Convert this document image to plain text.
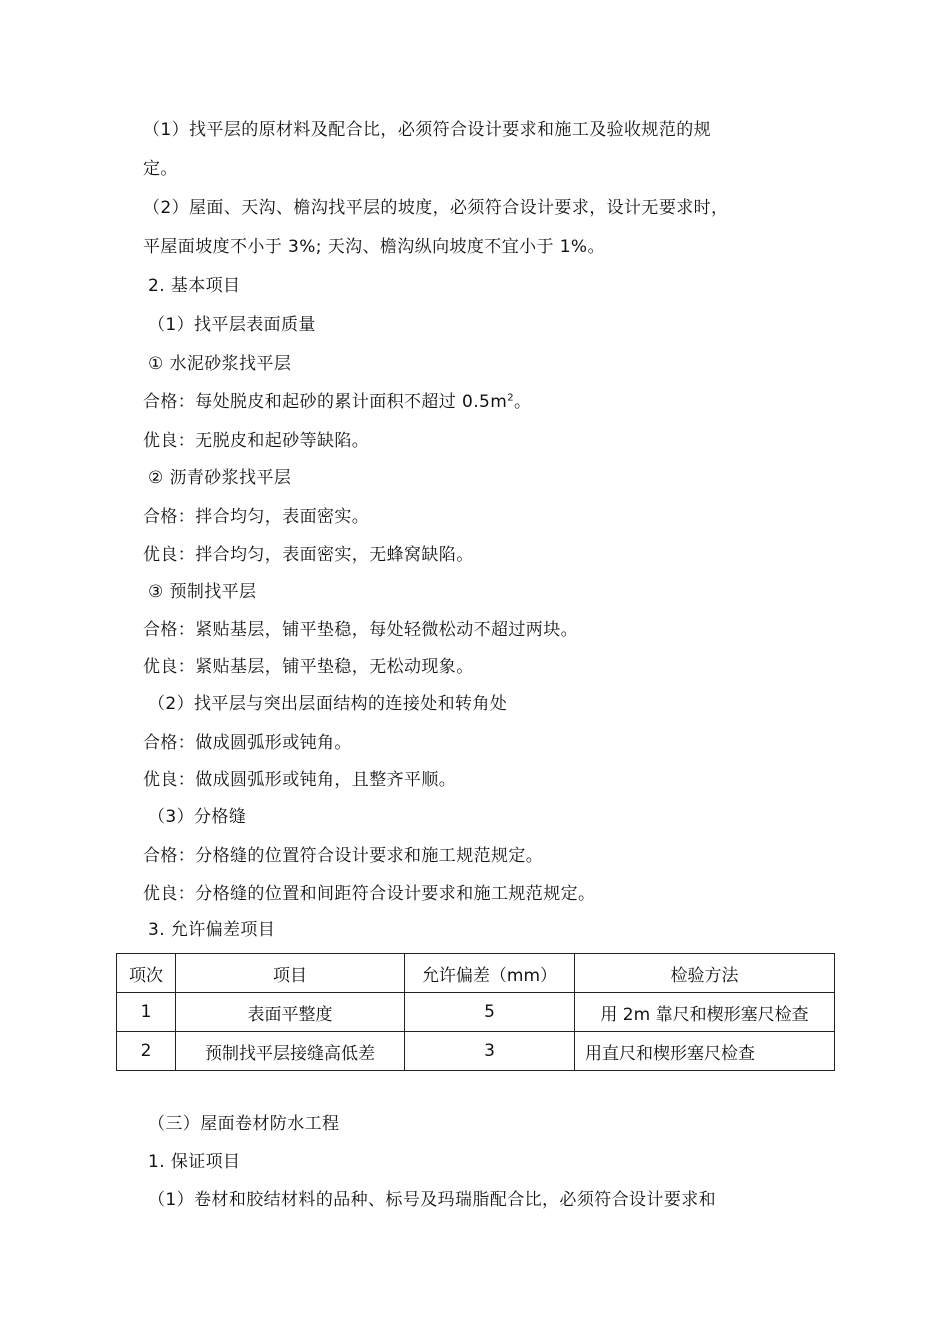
（1）找平层的原材料及配合比，必须符合设计要求和施工及验收规范的规
定。
（2）屋面、天沟、檐沟找平层的坡度，必须符合设计要求，设计无要求时，
平屋面坡度不小于 3%; 天沟、檐沟纵向坡度不宜小于 1%。
2. 基本项目
（1）找平层表面质量
① 水泥砂浆找平层
合格：每处脱皮和起砂的累计面积不超过 $0.5m^2$。
优良：无脱皮和起砂等缺陷。
② 沥青砂浆找平层
合格：拌合均匀，表面密实。
优良：拌合均匀，表面密实，无蜂窝缺陷。
③ 预制找平层
合格：紧贴基层，铺平垫稳，每处轻微松动不超过两块。
优良：紧贴基层，铺平垫稳，无松动现象。
（2）找平层与突出层面结构的连接处和转角处
合格：做成圆弧形或钝角。
优良：做成圆弧形或钝角，且整齐平顺。
（3）分格缝
合格：分格缝的位置符合设计要求和施工规范规定。
优良：分格缝的位置和间距符合设计要求和施工规范规定。
3. 允许偏差项目
项次	项目	允许偏差（mm）	检验方法
1	表面平整度	5	用 2m 靠尺和楔形塞尺检查
2	预制找平层接缝高低差	3	用直尺和楔形塞尺检查
（三）屋面卷材防水工程
1. 保证项目
（1）卷材和胶结材料的品种、标号及玛瑞脂配合比，必须符合设计要求和
